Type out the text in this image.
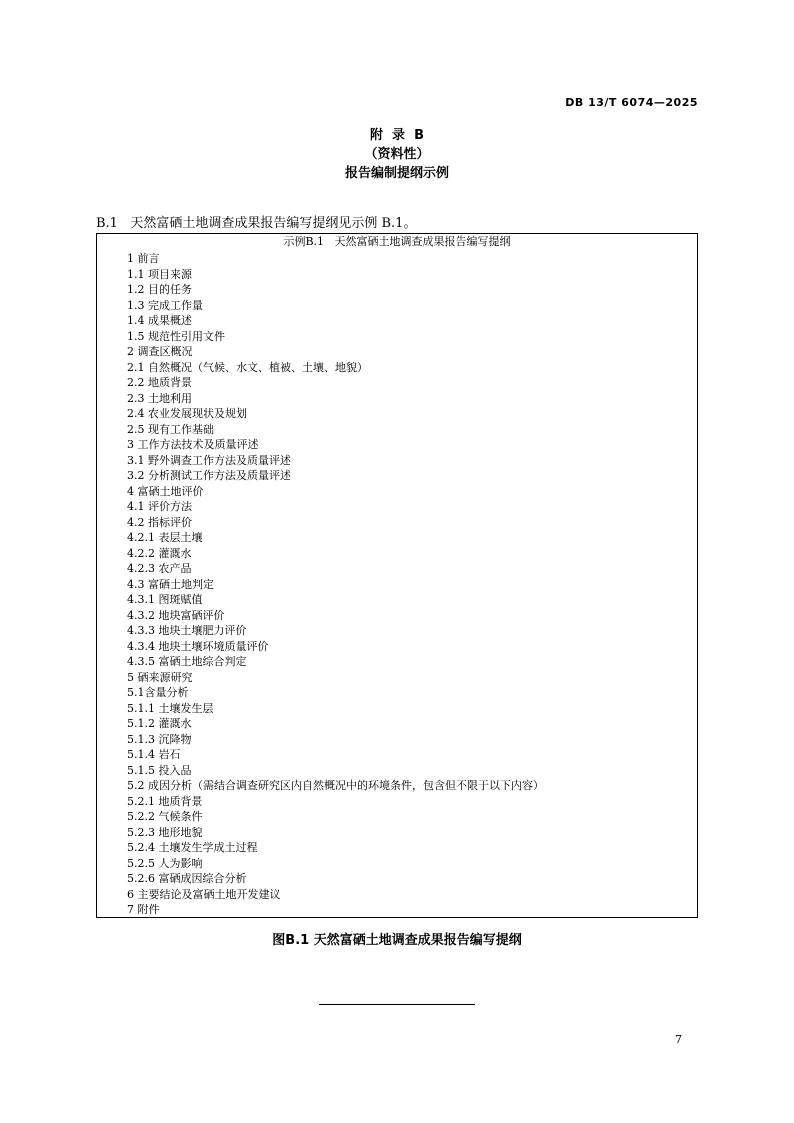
DB 13/T 6074—2025
附  录  B
（资料性）
报告编制提纲示例
B.1   天然富硒土地调查成果报告编写提纲见示例 B.1。
示例B.1   天然富硒土地调查成果报告编写提纲
1 前言
1.1 项目来源
1.2 目的任务
1.3 完成工作量
1.4 成果概述
1.5 规范性引用文件
2 调查区概况
2.1 自然概况（气候、水文、植被、土壤、地貌）
2.2 地质背景
2.3 土地利用
2.4 农业发展现状及规划
2.5 现有工作基础
3 工作方法技术及质量评述
3.1 野外调查工作方法及质量评述
3.2 分析测试工作方法及质量评述
4 富硒土地评价
4.1 评价方法
4.2 指标评价
4.2.1 表层土壤
4.2.2 灌溉水
4.2.3 农产品
4.3 富硒土地判定
4.3.1 图斑赋值
4.3.2 地块富硒评价
4.3.3 地块土壤肥力评价
4.3.4 地块土壤环境质量评价
4.3.5 富硒土地综合判定
5 硒来源研究
5.1含量分析
5.1.1 土壤发生层
5.1.2 灌溉水
5.1.3 沉降物
5.1.4 岩石
5.1.5 投入品
5.2 成因分析（需结合调查研究区内自然概况中的环境条件，包含但不限于以下内容）
5.2.1 地质背景
5.2.2 气候条件
5.2.3 地形地貌
5.2.4 土壤发生学成土过程
5.2.5 人为影响
5.2.6 富硒成因综合分析
6 主要结论及富硒土地开发建议
7 附件
图B.1 天然富硒土地调查成果报告编写提纲
7
